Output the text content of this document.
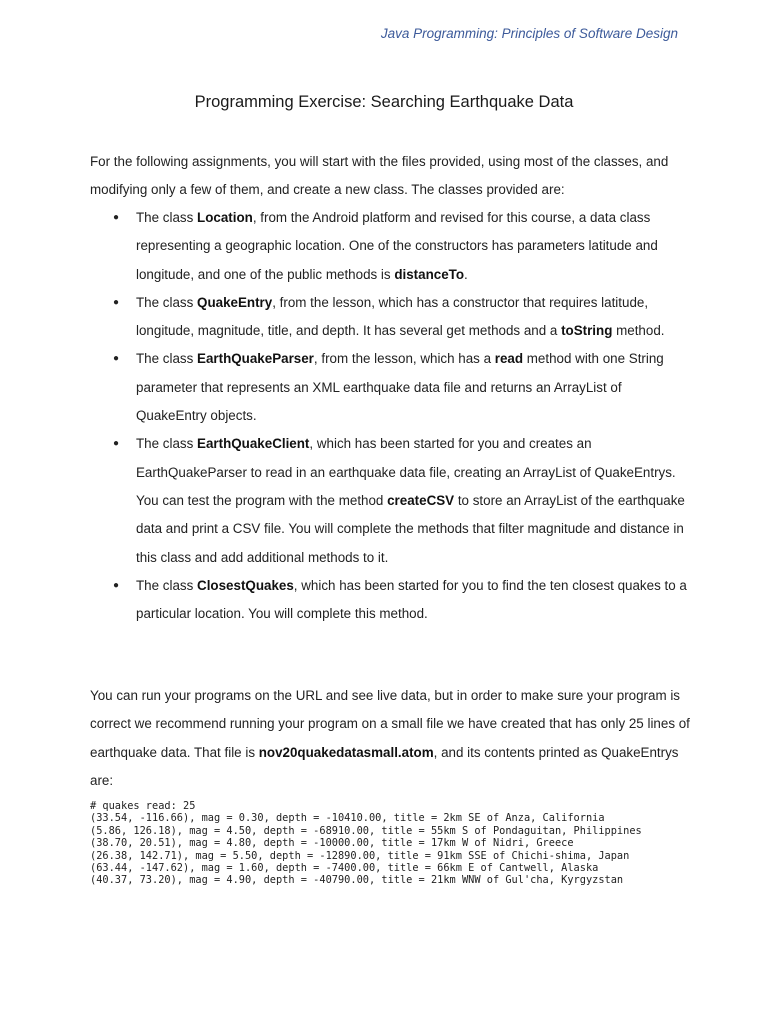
Java Programming: Principles of Software Design
Programming Exercise: Searching Earthquake Data

For the following assignments, you will start with the files provided, using most of the classes, and modifying only a few of them, and create a new class. The classes provided are:

● The class Location, from the Android platform and revised for this course, a data class representing a geographic location. One of the constructors has parameters latitude and longitude, and one of the public methods is distanceTo.
● The class QuakeEntry, from the lesson, which has a constructor that requires latitude, longitude, magnitude, title, and depth. It has several get methods and a toString method.
● The class EarthQuakeParser, from the lesson, which has a read method with one String parameter that represents an XML earthquake data file and returns an ArrayList of QuakeEntry objects.
● The class EarthQuakeClient, which has been started for you and creates an EarthQuakeParser to read in an earthquake data file, creating an ArrayList of QuakeEntrys. You can test the program with the method createCSV to store an ArrayList of the earthquake data and print a CSV file. You will complete the methods that filter magnitude and distance in this class and add additional methods to it.
● The class ClosestQuakes, which has been started for you to find the ten closest quakes to a particular location. You will complete this method.

You can run your programs on the URL and see live data, but in order to make sure your program is correct we recommend running your program on a small file we have created that has only 25 lines of earthquake data. That file is nov20quakedatasmall.atom, and its contents printed as QuakeEntrys are:

# quakes read: 25
(33.54, -116.66), mag = 0.30, depth = -10410.00, title = 2km SE of Anza, California
(5.86, 126.18), mag = 4.50, depth = -68910.00, title = 55km S of Pondaguitan, Philippines
(38.70, 20.51), mag = 4.80, depth = -10000.00, title = 17km W of Nidri, Greece
(26.38, 142.71), mag = 5.50, depth = -12890.00, title = 91km SSE of Chichi-shima, Japan
(63.44, -147.62), mag = 1.60, depth = -7400.00, title = 66km E of Cantwell, Alaska
(40.37, 73.20), mag = 4.90, depth = -40790.00, title = 21km WNW of Gul'cha, Kyrgyzstan
